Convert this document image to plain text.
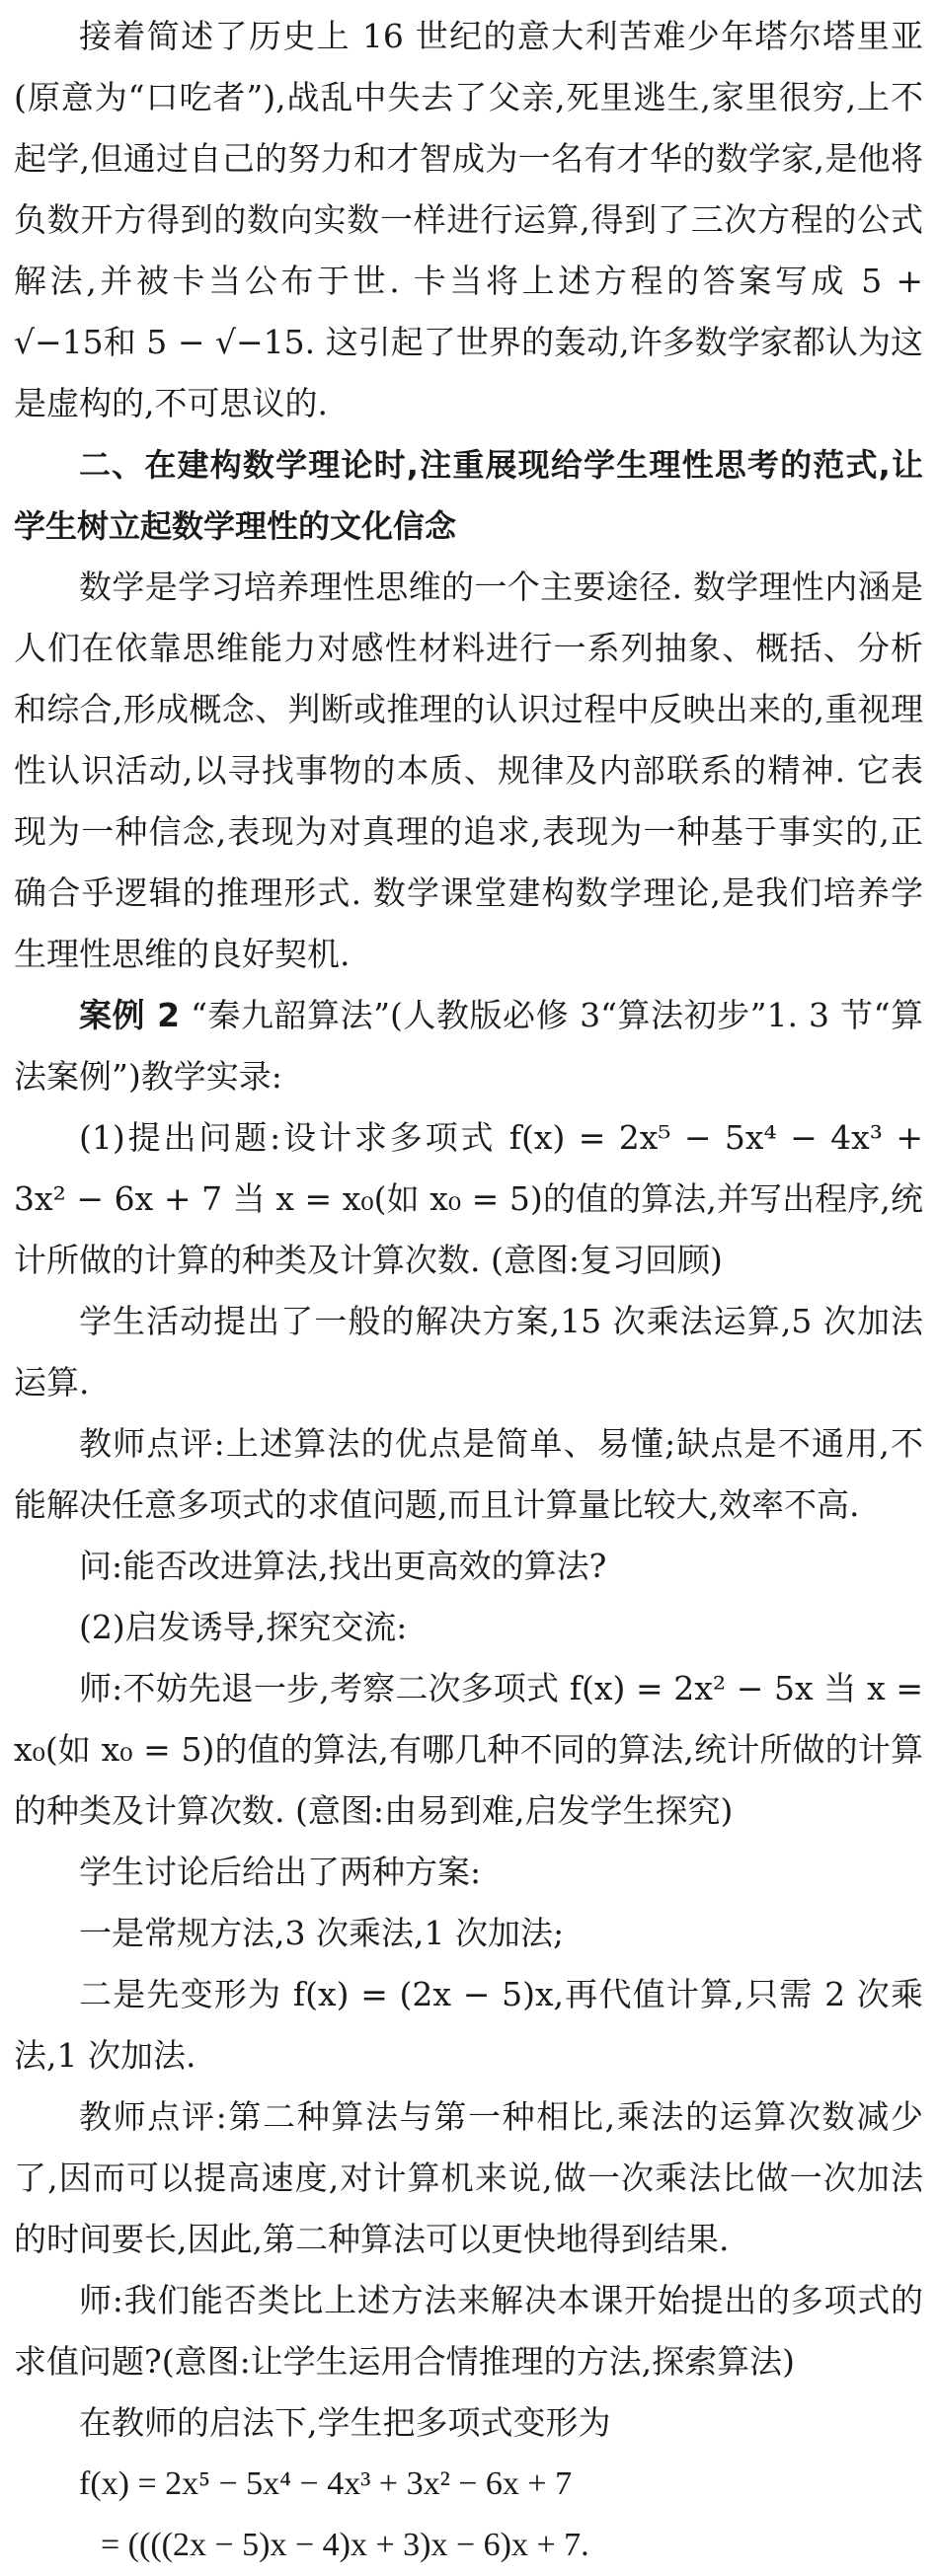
接着简述了历史上 16 世纪的意大利苦难少年塔尔塔里亚(原意为“口吃者”),战乱中失去了父亲,死里逃生,家里很穷,上不起学,但通过自己的努力和才智成为一名有才华的数学家,是他将负数开方得到的数向实数一样进行运算,得到了三次方程的公式解法,并被卡当公布于世. 卡当将上述方程的答案写成 5 + √−15和 5 − √−15. 这引起了世界的轰动,许多数学家都认为这是虚构的,不可思议的.

二、在建构数学理论时,注重展现给学生理性思考的范式,让学生树立起数学理性的文化信念

数学是学习培养理性思维的一个主要途径. 数学理性内涵是人们在依靠思维能力对感性材料进行一系列抽象、概括、分析和综合,形成概念、判断或推理的认识过程中反映出来的,重视理性认识活动,以寻找事物的本质、规律及内部联系的精神. 它表现为一种信念,表现为对真理的追求,表现为一种基于事实的,正确合乎逻辑的推理形式. 数学课堂建构数学理论,是我们培养学生理性思维的良好契机.

案例 2 “秦九韶算法”(人教版必修 3“算法初步”1. 3 节“算法案例”)教学实录:

(1)提出问题:设计求多项式 f(x) = 2x⁵ − 5x⁴ − 4x³ + 3x² − 6x + 7 当 x = x₀(如 x₀ = 5)的值的算法,并写出程序,统计所做的计算的种类及计算次数. (意图:复习回顾)

学生活动提出了一般的解决方案,15 次乘法运算,5 次加法运算.

教师点评:上述算法的优点是简单、易懂;缺点是不通用,不能解决任意多项式的求值问题,而且计算量比较大,效率不高.

问:能否改进算法,找出更高效的算法?

(2)启发诱导,探究交流:

师:不妨先退一步,考察二次多项式 f(x) = 2x² − 5x 当 x = x₀(如 x₀ = 5)的值的算法,有哪几种不同的算法,统计所做的计算的种类及计算次数. (意图:由易到难,启发学生探究)

学生讨论后给出了两种方案:

一是常规方法,3 次乘法,1 次加法;

二是先变形为 f(x) = (2x − 5)x,再代值计算,只需 2 次乘法,1 次加法.

教师点评:第二种算法与第一种相比,乘法的运算次数减少了,因而可以提高速度,对计算机来说,做一次乘法比做一次加法的时间要长,因此,第二种算法可以更快地得到结果.

师:我们能否类比上述方法来解决本课开始提出的多项式的求值问题?(意图:让学生运用合情推理的方法,探索算法)

在教师的启法下,学生把多项式变形为

f(x) = 2x⁵ − 5x⁴ − 4x³ + 3x² − 6x + 7

= ((((2x − 5)x − 4)x + 3)x − 6)x + 7.
